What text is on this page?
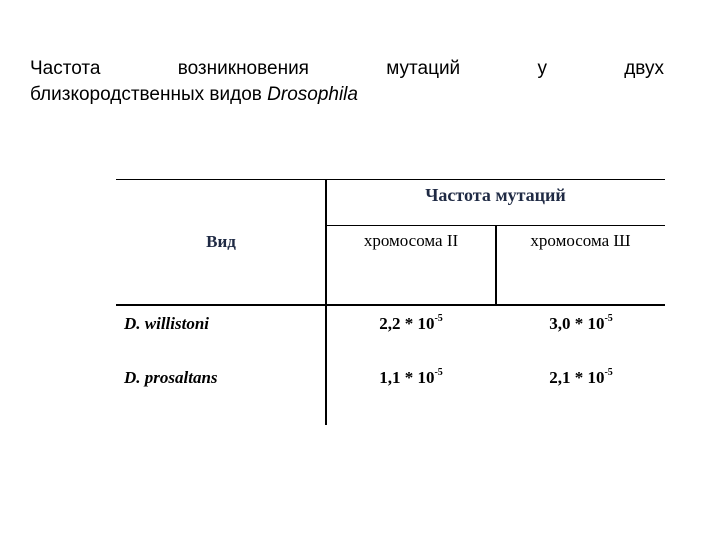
Частота	возникновения	мутаций	у	двух
близкородственных видов Drosophila
Частота мутаций
Вид	хромосома II	хромосома Ш
D. willistoni	$2,2 * 10^{-5}$	$3,0 * 10^{-5}$
D. prosaltans	$1,1 * 10^{-5}$	$2,1 * 10^{-5}$
